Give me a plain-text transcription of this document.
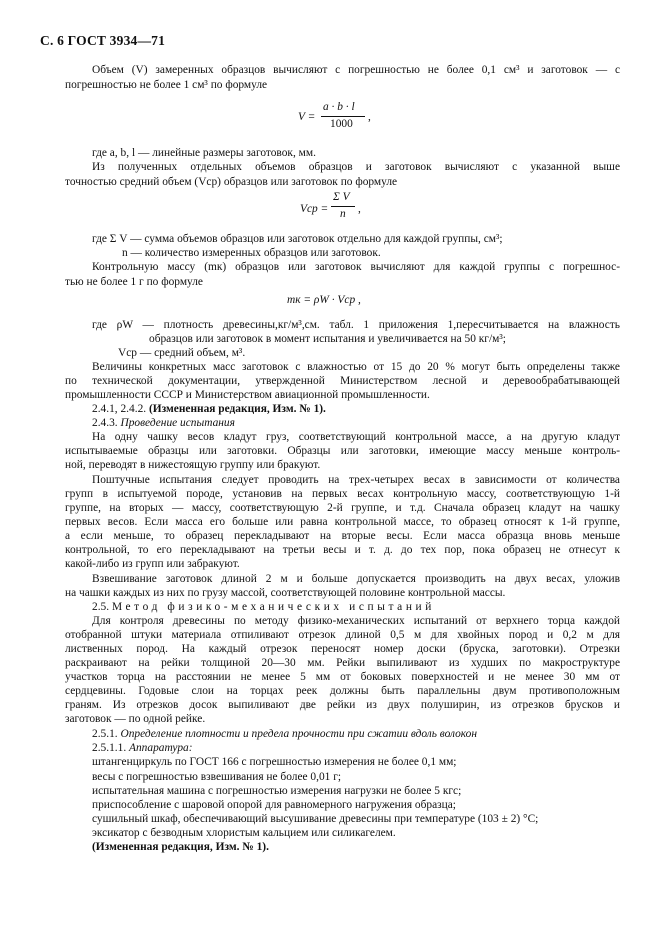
С. 6 ГОСТ 3934—71
Объем (V) замеренных образцов вычисляют с погрешностью не более 0,1 см³ и заготовок — с
погрешностью не более 1 см³ по формуле
V =
a · b · l
1000
,
где a, b, l — линейные размеры заготовок, мм.
Из полученных отдельных объемов образцов и заготовок вычисляют с указанной выше
точностью средний объем (Vср) образцов или заготовок по формуле
Vср =
Σ V
n ,
где Σ V — сумма объемов образцов или заготовок отдельно для каждой группы, см³;
n — количество измеренных образцов или заготовок.
Контрольную массу (mк) образцов или заготовок вычисляют для каждой группы с погрешнос-
тью не более 1 г по формуле
mк = ρW · Vср ,
где ρW — плотность древесины,кг/м³,см. табл. 1 приложения 1,пересчитывается на влажность
образцов или заготовок в момент испытания и увеличивается на 50 кг/м³;
Vср — средний объем, м³.
Величины конкретных масс заготовок с влажностью от 15 до 20 % могут быть определены также
по технической документации, утвержденной Министерством лесной и деревообрабатывающей
промышленности СССР и Министерством авиационной промышленности.
2.4.1, 2.4.2. (Измененная редакция, Изм. № 1).
2.4.3. Проведение испытания
На одну чашку весов кладут груз, соответствующий контрольной массе, а на другую кладут
испытываемые образцы или заготовки. Образцы или заготовки, имеющие массу меньше контроль-
ной, переводят в нижестоящую группу или бракуют.
Поштучные испытания следует проводить на трех-четырех весах в зависимости от количества
групп в испытуемой породе, установив на первых весах контрольную массу, соответствующую 1-й
группе, на вторых — массу, соответствующую 2-й группе, и т.д. Сначала образец кладут на чашку
первых весов. Если масса его больше или равна контрольной массе, то образец относят к 1-й группе,
а если меньше, то образец перекладывают на вторые весы. Если масса образца вновь меньше
контрольной, то его перекладывают на третьи весы и т. д. до тех пор, пока образец не отнесут к
какой-либо из групп или забракуют.
Взвешивание заготовок длиной 2 м и больше допускается производить на двух весах, уложив
на чашки каждых из них по грузу массой, соответствующей половине контрольной массы.
2.5. Метод физико-механических испытаний
Для контроля древесины по методу физико-механических испытаний от верхнего торца каждой
отобранной штуки материала отпиливают отрезок длиной 0,5 м для хвойных пород и 0,2 м для
лиственных пород. На каждый отрезок переносят номер доски (бруска, заготовки). Отрезки
раскраивают на рейки толщиной 20—30 мм. Рейки выпиливают из худших по макроструктуре
участков торца на расстоянии не менее 5 мм от боковых поверхностей и не менее 30 мм от
сердцевины. Годовые слои на торцах реек должны быть параллельны двум противоположным
граням. Из отрезков досок выпиливают две рейки из двух полуширин, из отрезков брусков и
заготовок — по одной рейке.
2.5.1. Определение плотности и предела прочности при сжатии вдоль волокон
2.5.1.1. Аппаратура:
штангенциркуль по ГОСТ 166 с погрешностью измерения не более 0,1 мм;
весы с погрешностью взвешивания не более 0,01 г;
испытательная машина с погрешностью измерения нагрузки не более 5 кгс;
приспособление с шаровой опорой для равномерного нагружения образца;
сушильный шкаф, обеспечивающий высушивание древесины при температуре (103 ± 2) °С;
эксикатор с безводным хлористым кальцием или силикагелем.
(Измененная редакция, Изм. № 1).
